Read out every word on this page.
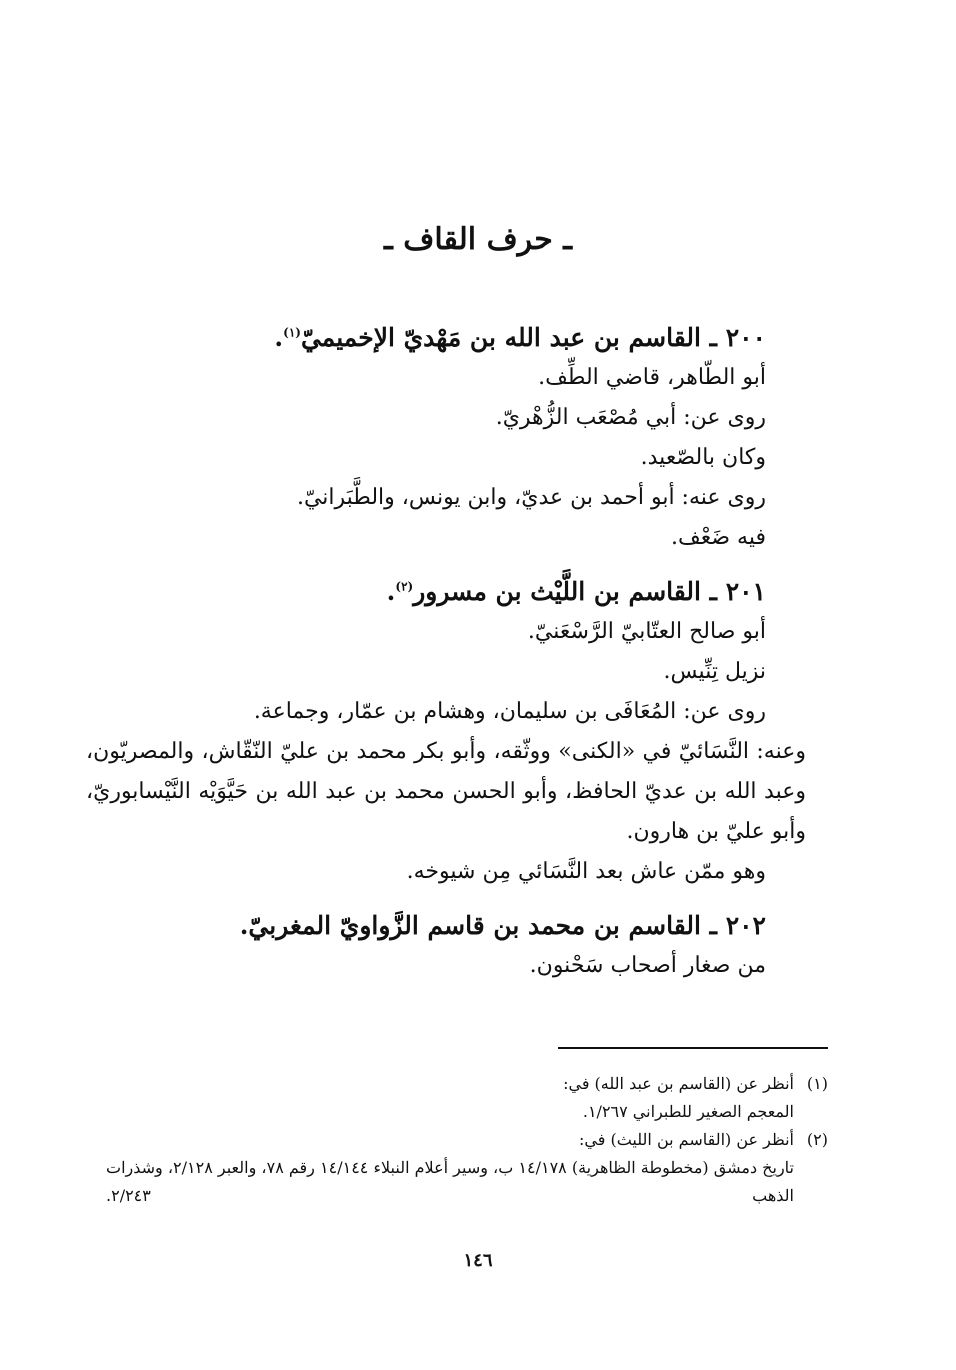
ـ حرف القاف ـ
٢٠٠ ـ القاسم بن عبد الله بن مَهْديّ الإخميميّ$^{(١)}$.
أبو الطّاهر، قاضي الطِّف.
روى عن: أبي مُصْعَب الزُّهْريّ.
وكان بالصّعيد.
روى عنه: أبو أحمد بن عديّ، وابن يونس، والطَّبَرانيّ.
فيه ضَعْف.
٢٠١ ـ القاسم بن اللَّيْث بن مسرور$^{(٢)}$.
أبو صالح العتّابيّ الرَّسْعَنيّ.
نزيل تِنِّيس.
روى عن: المُعَافَى بن سليمان، وهشام بن عمّار، وجماعة.
وعنه: النَّسَائيّ في «الكنى» ووثّقه، وأبو بكر محمد بن عليّ النّقّاش، والمصريّون، وعبد الله بن عديّ الحافظ، وأبو الحسن محمد بن عبد الله بن حَيَّوَيْه النَّيْسابوريّ، وأبو عليّ بن هارون.
وهو ممّن عاش بعد النَّسَائي مِن شيوخه.
٢٠٢ ـ القاسم بن محمد بن قاسم الزَّواويّ المغربيّ.
من صغار أصحاب سَحْنون.
(١)أنظر عن (القاسم بن عبد الله) في:
المعجم الصغير للطبراني ١/٢٦٧.
(٢)أنظر عن (القاسم بن الليث) في:
تاريخ دمشق (مخطوطة الظاهرية) ١٤/١٧٨ ب، وسير أعلام النبلاء ١٤/١٤٤ رقم ٧٨، والعبر ٢/١٢٨، وشذرات الذهب ٢/٢٤٣.
١٤٦
